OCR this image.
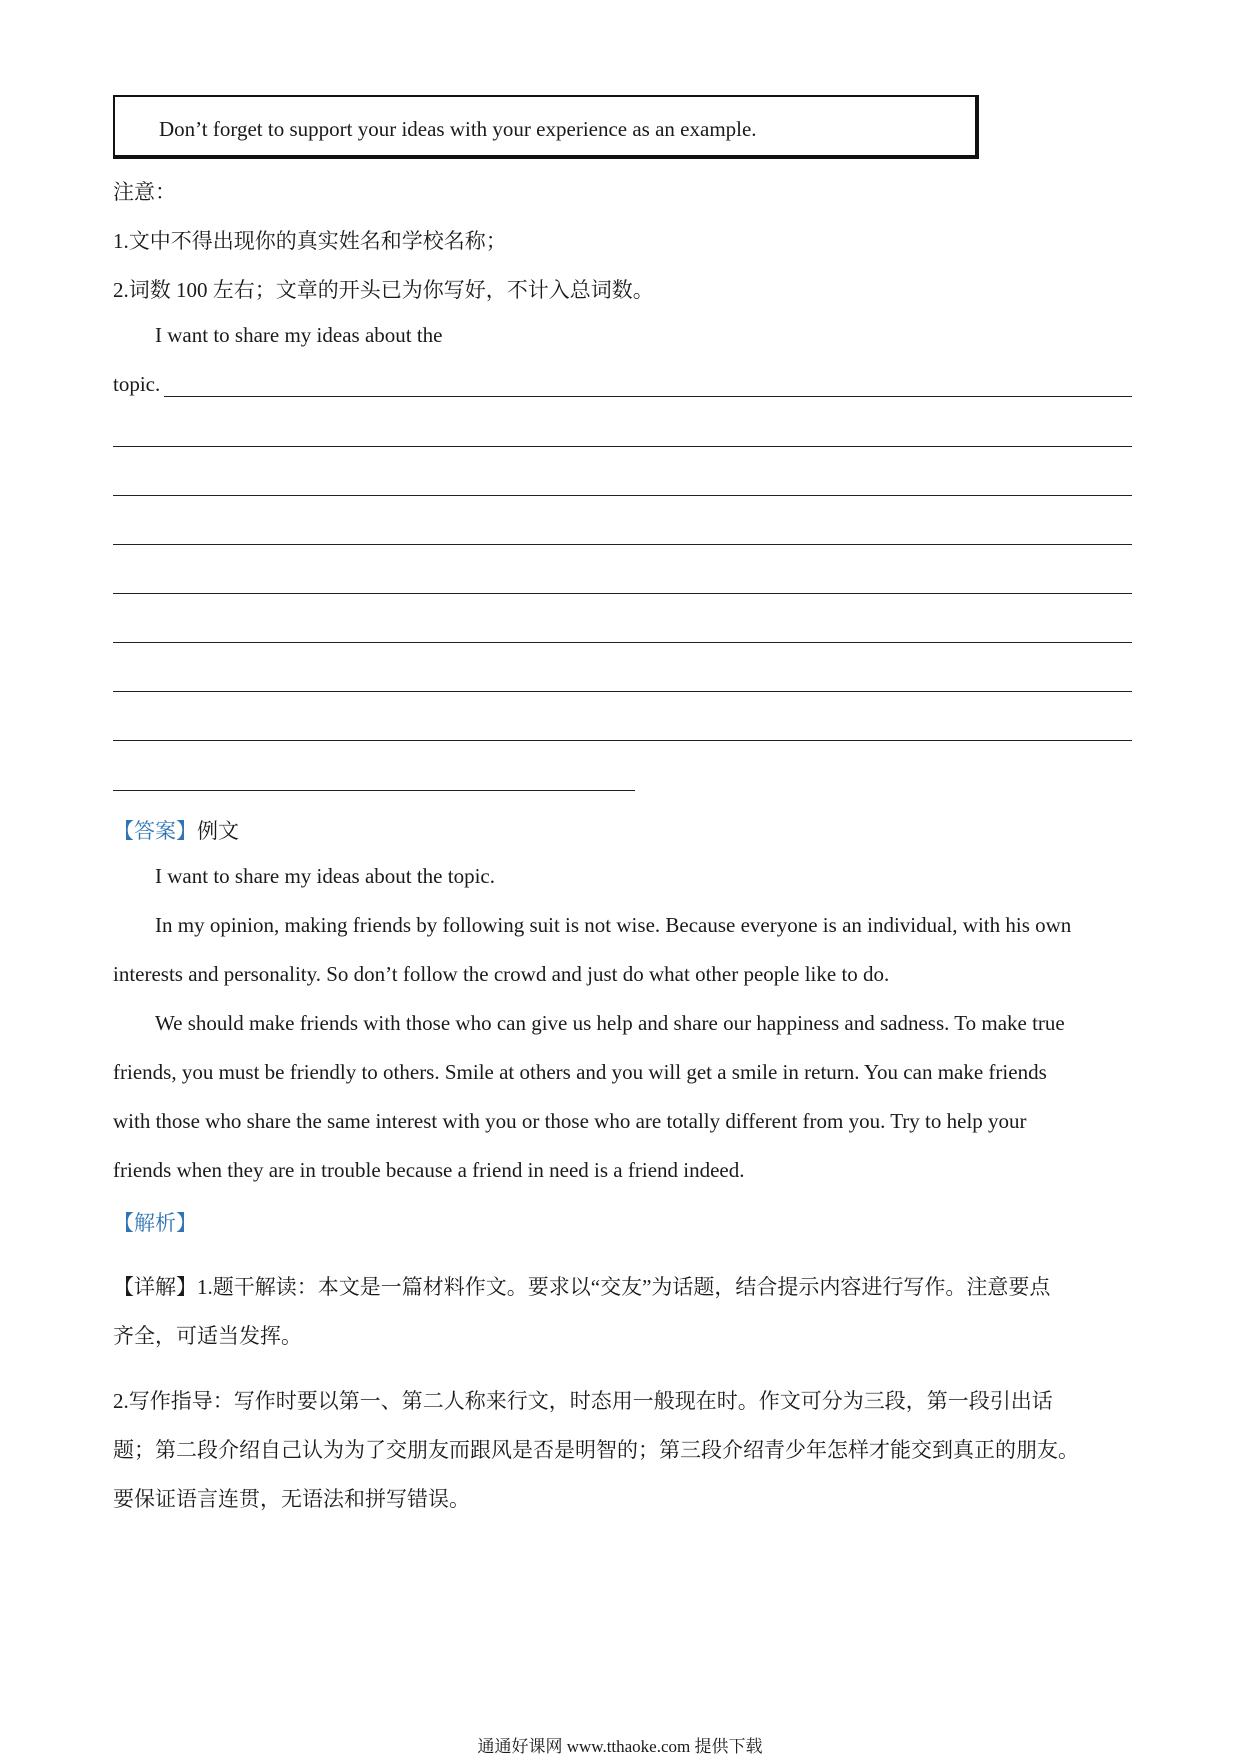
Don’t forget to support your ideas with your experience as an example.
注意：
1.文中不得出现你的真实姓名和学校名称；
2.词数 100 左右；文章的开头已为你写好，不计入总词数。
I want to share my ideas about the
topic.
【答案】例文
I want to share my ideas about the topic.
In my opinion, making friends by following suit is not wise. Because everyone is an individual, with his own
interests and personality. So don’t follow the crowd and just do what other people like to do.
We should make friends with those who can give us help and share our happiness and sadness. To make true
friends, you must be friendly to others. Smile at others and you will get a smile in return. You can make friends
with those who share the same interest with you or those who are totally different from you. Try to help your
friends when they are in trouble because a friend in need is a friend indeed.
【解析】
【详解】1.题干解读：本文是一篇材料作文。要求以“交友”为话题，结合提示内容进行写作。注意要点
齐全，可适当发挥。
2.写作指导：写作时要以第一、第二人称来行文，时态用一般现在时。作文可分为三段，第一段引出话
题；第二段介绍自己认为为了交朋友而跟风是否是明智的；第三段介绍青少年怎样才能交到真正的朋友。
要保证语言连贯，无语法和拼写错误。
通通好课网 www.tthaoke.com 提供下载
